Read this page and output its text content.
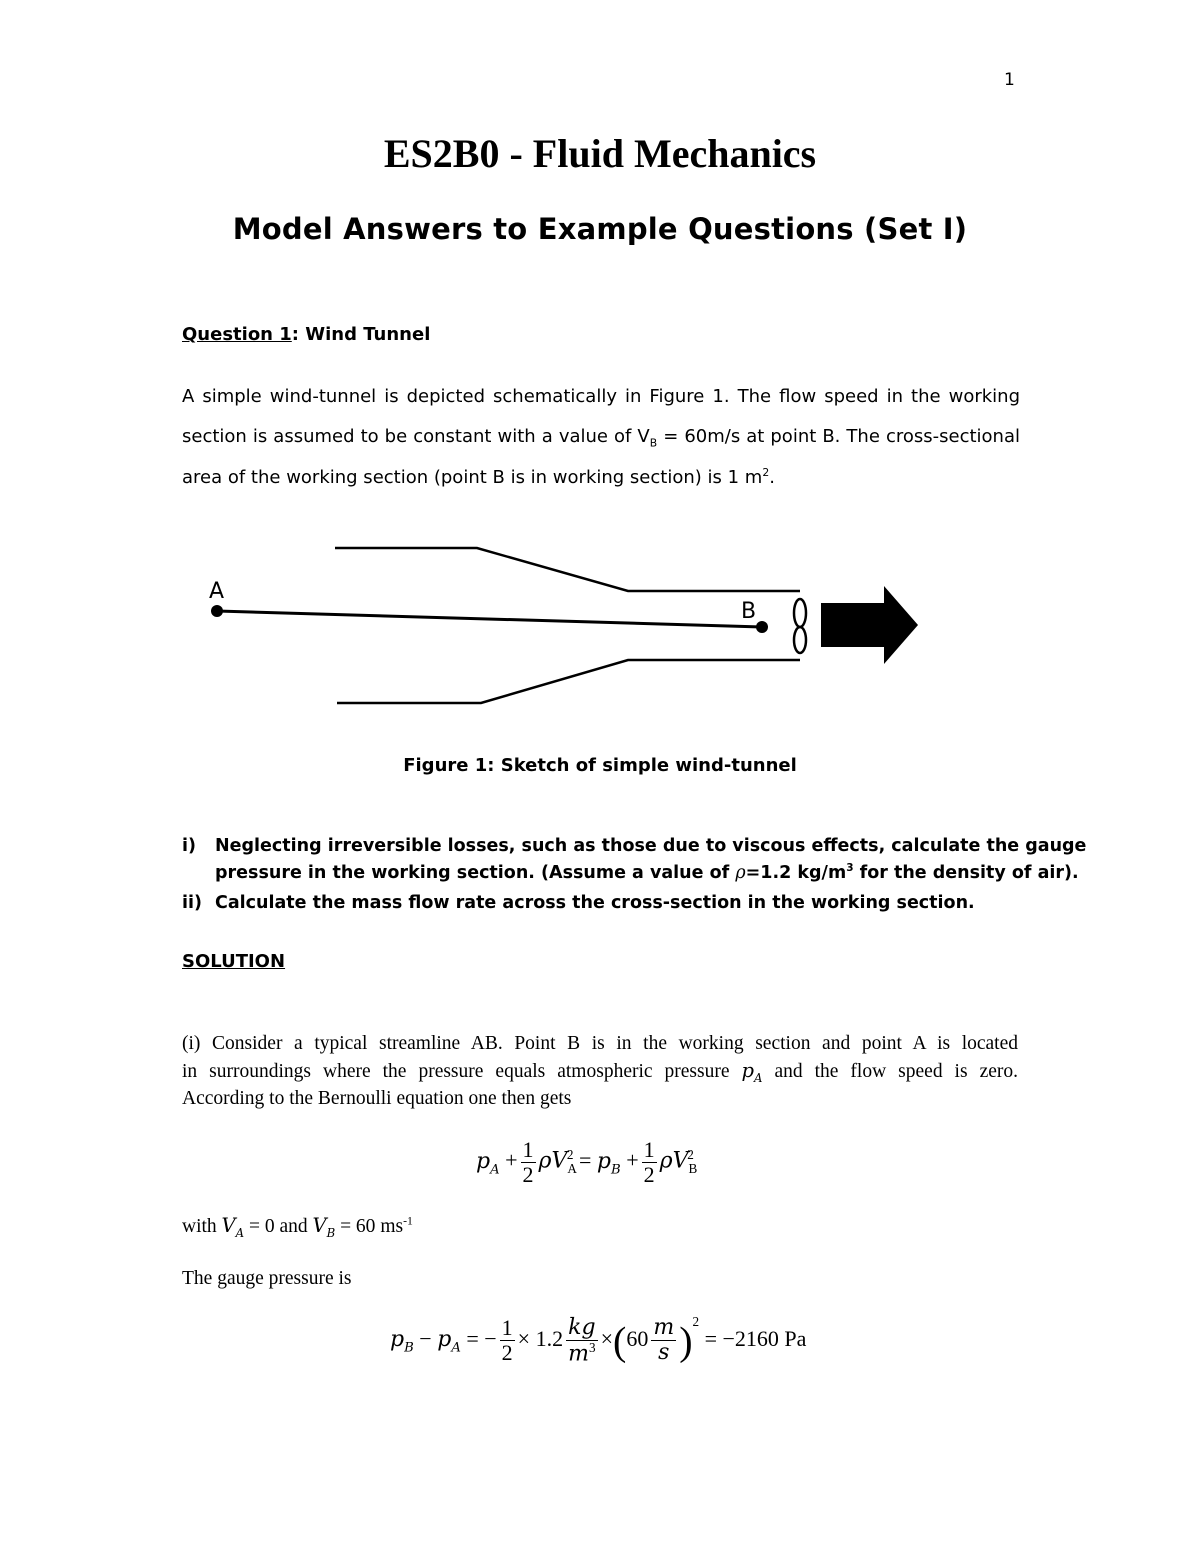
1
ES2B0 - Fluid Mechanics
Model Answers to Example Questions (Set I)
Question 1: Wind Tunnel
A simple wind-tunnel is depicted schematically in Figure 1. The flow speed in the working
section is assumed to be constant with a value of $V_B = 60m/s$ at point B. The cross-sectional
area of the working section (point B is in working section) is 1 $m^2$.
A
B
Figure 1: Sketch of simple wind-tunnel
i) Neglecting irreversible losses, such as those due to viscous effects, calculate the gauge
pressure in the working section. (Assume a value of ρ=1.2 $kg/m^3$ for the density of air).
ii) Calculate the mass flow rate across the cross-section in the working section.
SOLUTION
(i) Consider a typical streamline AB. Point B is in the working section and point A is located
in surroundings where the pressure equals atmospheric pressure $p_A$ and the flow speed is zero.
According to the Bernoulli equation one then gets
$p_A + \frac{1}{2} \rho V_A^2 = p_B + \frac{1}{2} \rho V_B^2$
with $V_A = 0$ and $V_B = 60$ $ms^{-1}$
The gauge pressure is
$p_B - p_A$ = − $\frac{1}{2} \times 1.2 \frac{kg}{m^3} \times(60 \frac{m}{s} )^2 = -2160$ Pa
